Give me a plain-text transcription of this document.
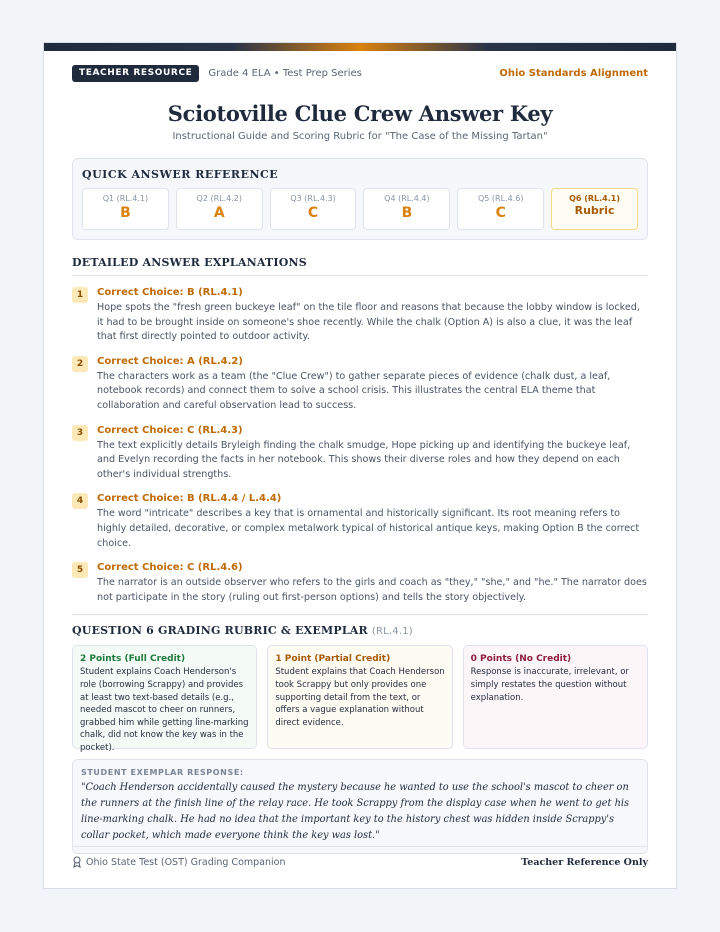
TEACHER RESOURCE	Grade 4 ELA • Test Prep Series	Ohio Standards Alignment
Sciotoville Clue Crew Answer Key
Instructional Guide and Scoring Rubric for "The Case of the Missing Tartan"
QUICK ANSWER REFERENCE
Q1 (RL.4.1)
B
Q2 (RL.4.2)
A
Q3 (RL.4.3)
C
Q4 (RL.4.4)
B
Q5 (RL.4.6)
C
Q6 (RL.4.1)
Rubric
DETAILED ANSWER EXPLANATIONS
1	Correct Choice: B (RL.4.1)
Hope spots the "fresh green buckeye leaf" on the tile floor and reasons that because the lobby window is locked, it had to be brought inside on someone's shoe recently. While the chalk (Option A) is also a clue, it was the leaf that first directly pointed to outdoor activity.
2	Correct Choice: A (RL.4.2)
The characters work as a team (the "Clue Crew") to gather separate pieces of evidence (chalk dust, a leaf, notebook records) and connect them to solve a school crisis. This illustrates the central ELA theme that collaboration and careful observation lead to success.
3	Correct Choice: C (RL.4.3)
The text explicitly details Bryleigh finding the chalk smudge, Hope picking up and identifying the buckeye leaf, and Evelyn recording the facts in her notebook. This shows their diverse roles and how they depend on each other's individual strengths.
4	Correct Choice: B (RL.4.4 / L.4.4)
The word "intricate" describes a key that is ornamental and historically significant. Its root meaning refers to highly detailed, decorative, or complex metalwork typical of historical antique keys, making Option B the correct choice.
5	Correct Choice: C (RL.4.6)
The narrator is an outside observer who refers to the girls and coach as "they," "she," and "he." The narrator does not participate in the story (ruling out first-person options) and tells the story objectively.
QUESTION 6 GRADING RUBRIC & EXEMPLAR (RL.4.1)
2 Points (Full Credit)
Student explains Coach Henderson's role (borrowing Scrappy) and provides at least two text-based details (e.g., needed mascot to cheer on runners, grabbed him while getting line-marking chalk, did not know the key was in the pocket).
1 Point (Partial Credit)
Student explains that Coach Henderson took Scrappy but only provides one supporting detail from the text, or offers a vague explanation without direct evidence.
0 Points (No Credit)
Response is inaccurate, irrelevant, or simply restates the question without explanation.
STUDENT EXEMPLAR RESPONSE:
"Coach Henderson accidentally caused the mystery because he wanted to use the school's mascot to cheer on the runners at the finish line of the relay race. He took Scrappy from the display case when he went to get his line-marking chalk. He had no idea that the important key to the history chest was hidden inside Scrappy's collar pocket, which made everyone think the key was lost."
Ohio State Test (OST) Grading Companion	Teacher Reference Only
